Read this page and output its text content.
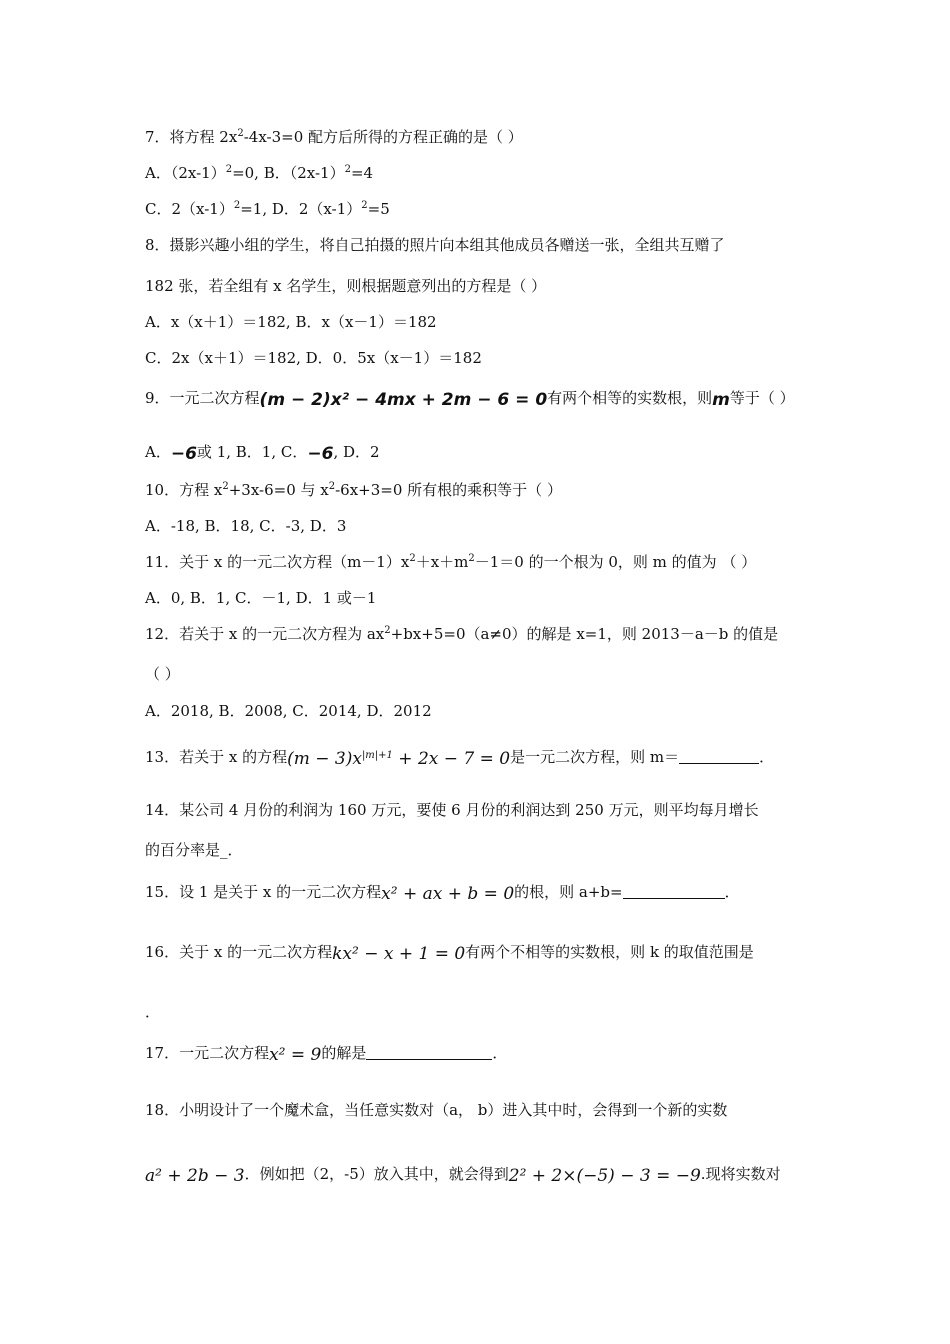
7．将方程 $2x^2-4x-3=0$ 配方后所得的方程正确的是（ ）
A．$(2x-1)^2=0$, B．$(2x-1)^2=4$
C．$2(x-1)^2=1$, D．$2(x-1)^2=5$
8．摄影兴趣小组的学生，将自己拍摄的照片向本组其他成员各赠送一张，全组共互赠了
182 张，若全组有 x 名学生，则根据题意列出的方程是（ ）
A．x（x＋1）＝182, B．x（x－1）＝182
C．2x（x＋1）＝182, D．0．5x（x－1）＝182
9．一元二次方程(m − 2)x² − 4mx + 2m − 6 = 0有两个相等的实数根，则m等于（ ）
A．−6或 1, B．1, C．−6, D．2
10．方程 $x^2+3x-6=0$ 与 $x^2-6x+3=0$ 所有根的乘积等于（ ）
A．-18, B．18, C．-3, D．3
11．关于 x 的一元二次方程$(m-1)x^2+x+m^2-1=0$ 的一个根为 0，则 m 的值为 （ ）
A．0, B．1, C．－1, D．1 或－1
12．若关于 x 的一元二次方程为 $ax^2+bx+5=0(a\ne 0)$的解是 x=1，则 2013－a－b 的值是
（ ）
A．2018, B．2008, C．2014, D．2012
13．若关于 x 的方程$(m - 3)x^{|m|+1} + 2x - 7 = 0$是一元二次方程，则 m＝	．
14．某公司 4 月份的利润为 160 万元，要使 6 月份的利润达到 250 万元，则平均每月增长
的百分率是_．
15．设 1 是关于 x 的一元二次方程x² + ax + b = 0的根，则 a+b=	．
16．关于 x 的一元二次方程kx² − x + 1 = 0有两个不相等的实数根，则 k 的取值范围是
．
17．一元二次方程x² = 9的解是	．
18．小明设计了一个魔术盒，当任意实数对（a， b）进入其中时，会得到一个新的实数
a² + 2b − 3．例如把（2，-5）放入其中，就会得到2² + 2×(−5) − 3 = −9.现将实数对
